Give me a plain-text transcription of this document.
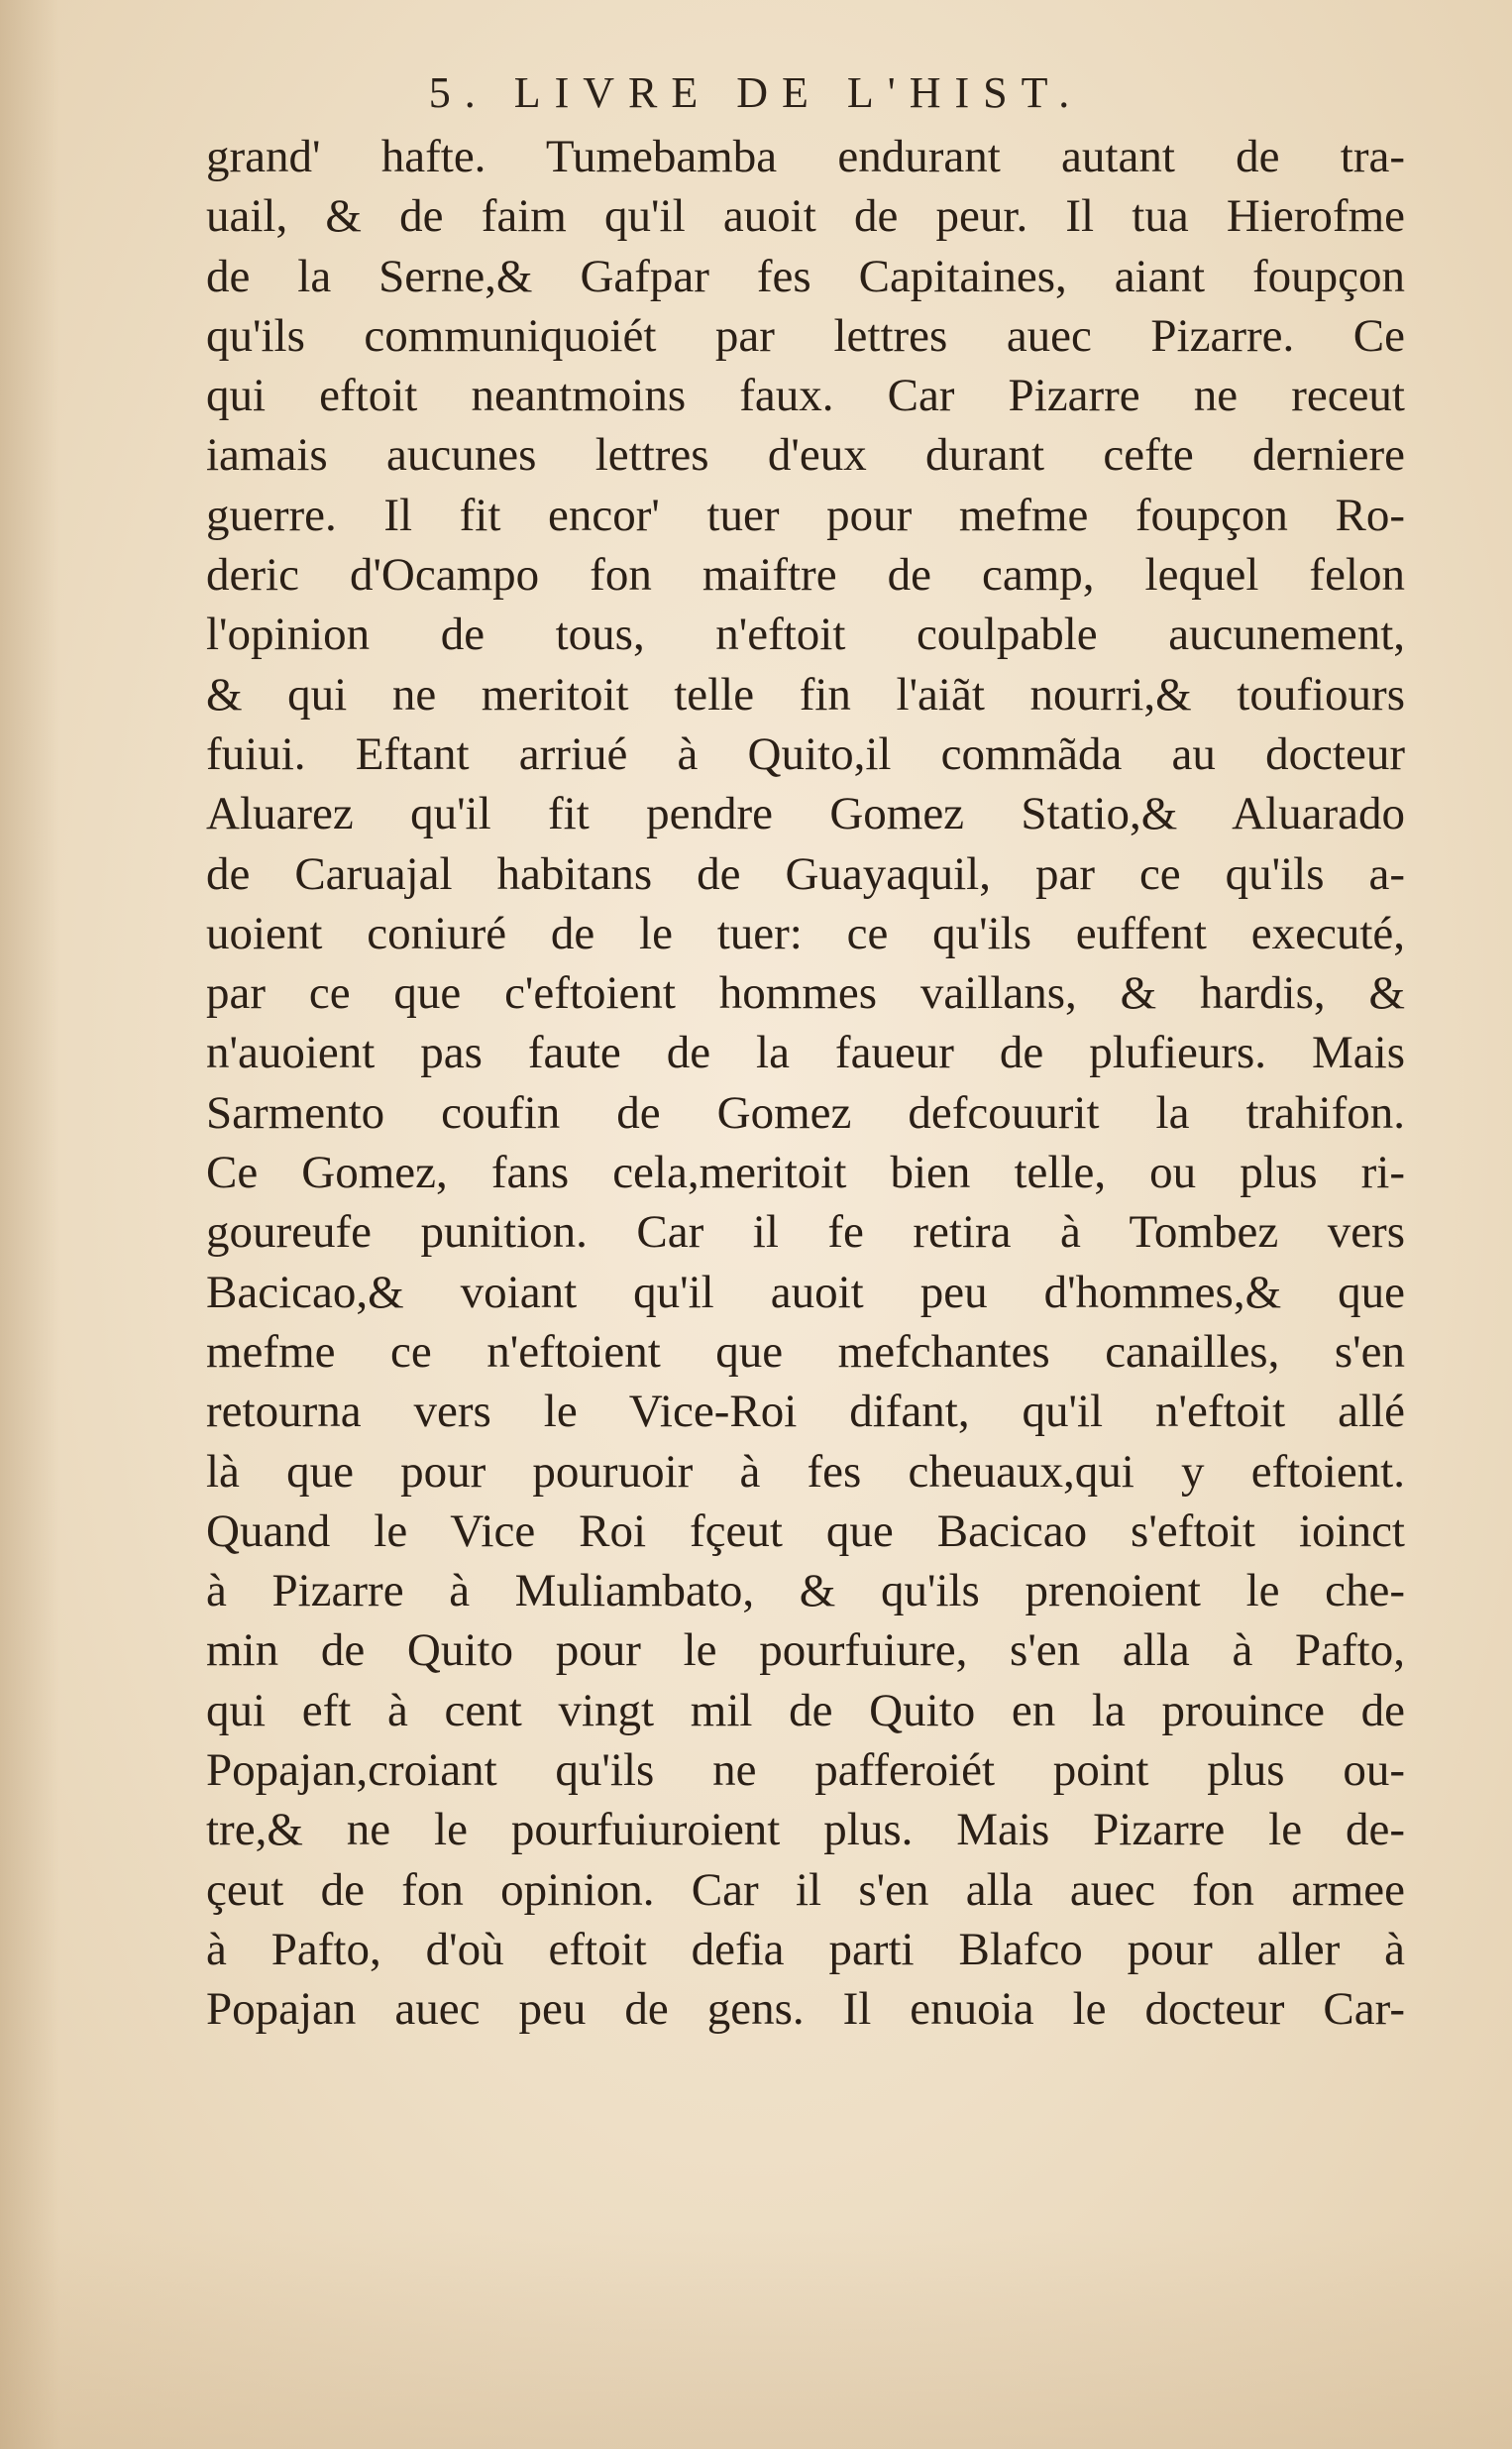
5. LIVRE DE L'HIST.
grand' hafte. Tumebamba endurant autant de tra-
uail, & de faim qu'il auoit de peur. Il tua Hierofme
de la Serne,& Gafpar fes Capitaines, aiant foupçon
qu'ils communiquoiét par lettres auec Pizarre. Ce
qui eftoit neantmoins faux. Car Pizarre ne receut
iamais aucunes lettres d'eux durant cefte derniere
guerre. Il fit encor' tuer pour mefme foupçon Ro-
deric d'Ocampo fon maiftre de camp, lequel felon
l'opinion de tous, n'eftoit coulpable aucunement,
& qui ne meritoit telle fin l'aiãt nourri,& toufiours
fuiui. Eftant arriué à Quito,il commãda au docteur
Aluarez qu'il fit pendre Gomez Statio,& Aluarado
de Caruajal habitans de Guayaquil, par ce qu'ils a-
uoient coniuré de le tuer: ce qu'ils euffent executé,
par ce que c'eftoient hommes vaillans, & hardis, &
n'auoient pas faute de la faueur de plufieurs. Mais
Sarmento coufin de Gomez defcouurit la trahifon.
Ce Gomez, fans cela,meritoit bien telle, ou plus ri-
goureufe punition. Car il fe retira à Tombez vers
Bacicao,& voiant qu'il auoit peu d'hommes,& que
mefme ce n'eftoient que mefchantes canailles, s'en
retourna vers le Vice-Roi difant, qu'il n'eftoit allé
là que pour pouruoir à fes cheuaux,qui y eftoient.
Quand le Vice Roi fçeut que Bacicao s'eftoit ioinct
à Pizarre à Muliambato, & qu'ils prenoient le che-
min de Quito pour le pourfuiure, s'en alla à Pafto,
qui eft à cent vingt mil de Quito en la prouince de
Popajan,croiant qu'ils ne pafferoiét point plus ou-
tre,& ne le pourfuiuroient plus. Mais Pizarre le de-
çeut de fon opinion. Car il s'en alla auec fon armee
à Pafto, d'où eftoit defia parti Blafco pour aller à
Popajan auec peu de gens. Il enuoia le docteur Car-
